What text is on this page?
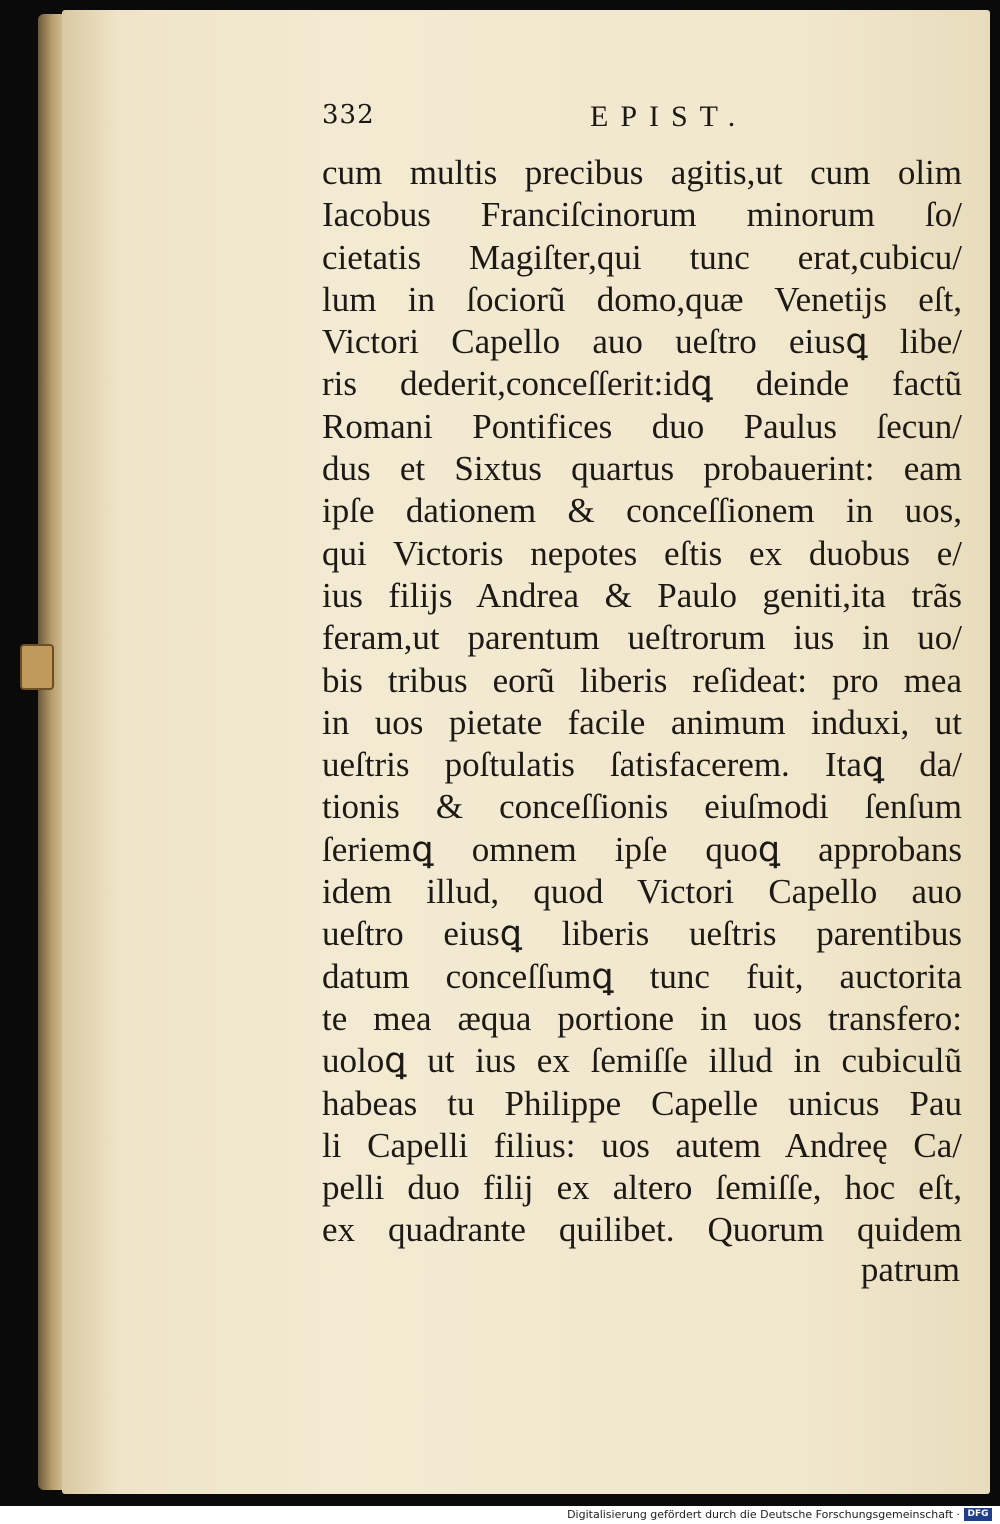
332	EPIST.
cum multis precibus agitis,ut cum olim
Iacobus Franciſcinorum minorum ſo/
cietatis Magiſter,qui tunc erat,cubicu/
lum in ſociorũ domo,quæ Venetijs eſt,
Victori Capello auo ueſtro eiusꝗ libe/
ris dederit,conceſſerit:idꝗ deinde factũ
Romani Pontifices duo Paulus ſecun/
dus et Sixtus quartus probauerint: eam
ipſe dationem & conceſſionem in uos,
qui Victoris nepotes eſtis ex duobus e/
ius filijs Andrea & Paulo geniti,ita trãs
feram,ut parentum ueſtrorum ius in uo/
bis tribus eorũ liberis reſideat: pro mea
in uos pietate facile animum induxi, ut
ueſtris poſtulatis ſatisfacerem. Itaꝗ da/
tionis & conceſſionis eiuſmodi ſenſum
ſeriemꝗ omnem ipſe quoꝗ approbans
idem illud, quod Victori Capello auo
ueſtro eiusꝗ liberis ueſtris parentibus
datum conceſſumꝗ tunc fuit, auctorita
te mea æqua portione in uos transfero:
uoloꝗ ut ius ex ſemiſſe illud in cubiculũ
habeas tu Philippe Capelle unicus Pau
li Capelli filius: uos autem Andreę Ca/
pelli duo filij ex altero ſemiſſe, hoc eſt,
ex quadrante quilibet. Quorum quidem
patrum
Digitalisierung gefördert durch die Deutsche Forschungsgemeinschaft · DFG
